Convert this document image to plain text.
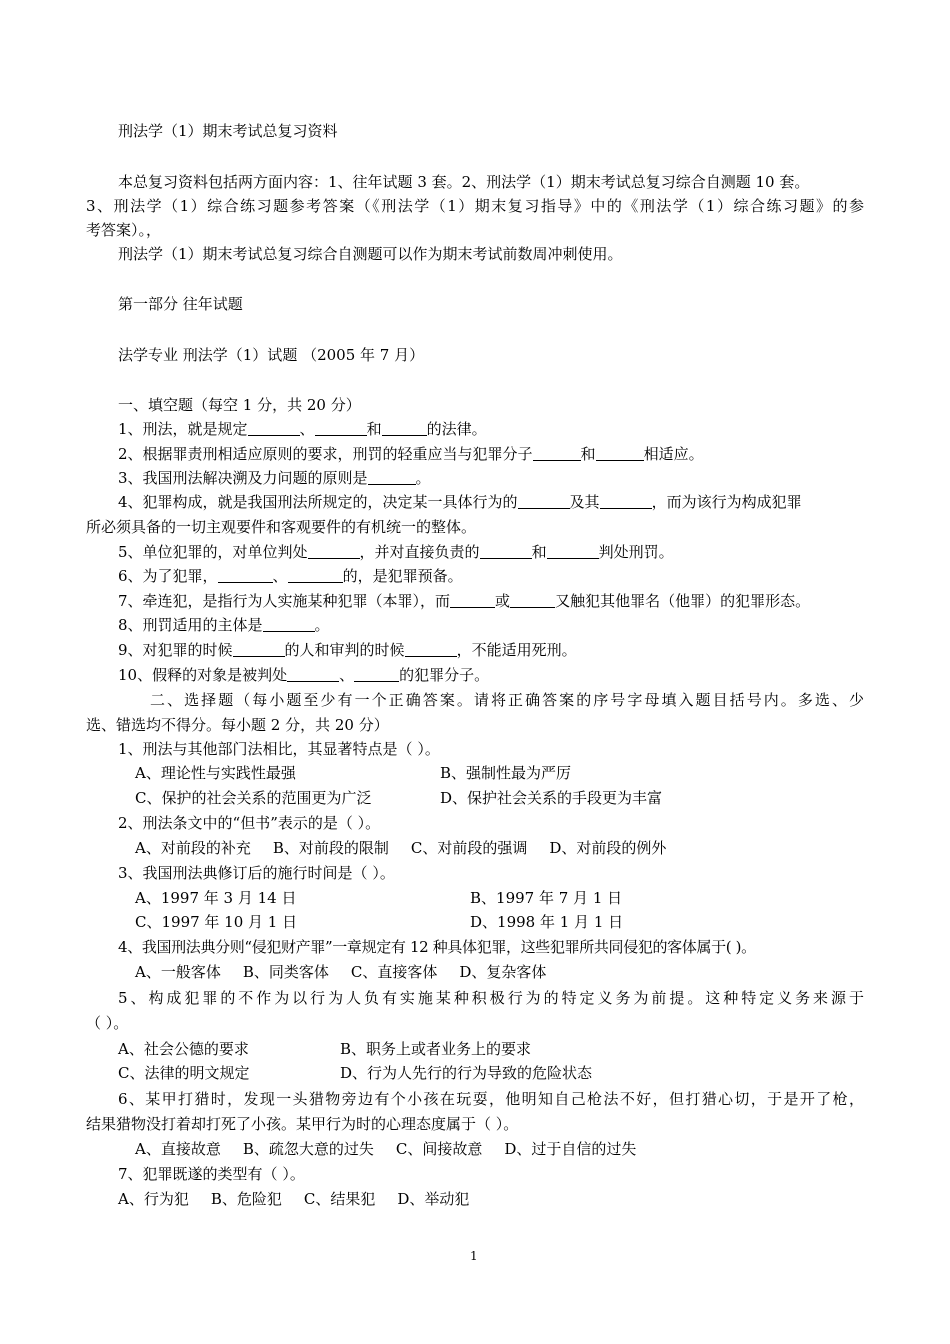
刑法学（1）期末考试总复习资料

本总复习资料包括两方面内容：1、往年试题 3 套。2、刑法学（1）期末考试总复习综合自测题 10 套。

3、刑法学（1）综合练习题参考答案（《刑法学（1）期末复习指导》中的《刑法学（1）综合练习题》的参

考答案）。，

刑法学（1）期末考试总复习综合自测题可以作为期末考试前数周冲刺使用。

第一部分 往年试题

法学专业 刑法学（1）试题 （2005 年 7 月）

一、填空题（每空 1 分，共 20 分）

1、刑法，就是规定	、	和	的法律。

2、根据罪责刑相适应原则的要求，刑罚的轻重应当与犯罪分子	和	相适应。

3、我国刑法解决溯及力问题的原则是	。

4、犯罪构成，就是我国刑法所规定的，决定某一具体行为的	及其	，而为该行为构成犯罪

所必须具备的一切主观要件和客观要件的有机统一的整体。

5、单位犯罪的，对单位判处	，并对直接负责的	和	判处刑罚。

6、为了犯罪，	、	的，是犯罪预备。

7、牵连犯，是指行为人实施某种犯罪（本罪），而	或	又触犯其他罪名（他罪）的犯罪形态。

8、刑罚适用的主体是	。

9、对犯罪的时候	的人和审判的时候	，不能适用死刑。

10、假释的对象是被判处	、	的犯罪分子。

二、选择题（每小题至少有一个正确答案。请将正确答案的序号字母填入题目括号内。多选、少

选、错选均不得分。每小题 2 分，共 20 分）

1、刑法与其他部门法相比，其显著特点是（ ）。

A、理论性与实践性最强	B、强制性最为严厉

C、保护的社会关系的范围更为广泛	D、保护社会关系的手段更为丰富

2、刑法条文中的“但书”表示的是（ ）。

A、对前段的补充 B、对前段的限制 C、对前段的强调 D、对前段的例外

3、我国刑法典修订后的施行时间是（ ）。

A、1997 年 3 月 14 日	B、1997 年 7 月 1 日

C、1997 年 10 月 1 日	D、1998 年 1 月 1 日

4、我国刑法典分则“侵犯财产罪”一章规定有 12 种具体犯罪，这些犯罪所共同侵犯的客体属于( )。

A、一般客体 B、同类客体 C、直接客体 D、复杂客体

5、构成犯罪的不作为以行为人负有实施某种积极行为的特定义务为前提。这种特定义务来源于

（ ）。

A、社会公德的要求	B、职务上或者业务上的要求

C、法律的明文规定	D、行为人先行的行为导致的危险状态

6、某甲打猎时，发现一头猎物旁边有个小孩在玩耍，他明知自己枪法不好，但打猎心切，于是开了枪，

结果猎物没打着却打死了小孩。某甲行为时的心理态度属于（ ）。

A、直接故意 B、疏忽大意的过失 C、间接故意 D、过于自信的过失

7、犯罪既遂的类型有（ ）。

A、行为犯 B、危险犯 C、结果犯 D、举动犯

1
